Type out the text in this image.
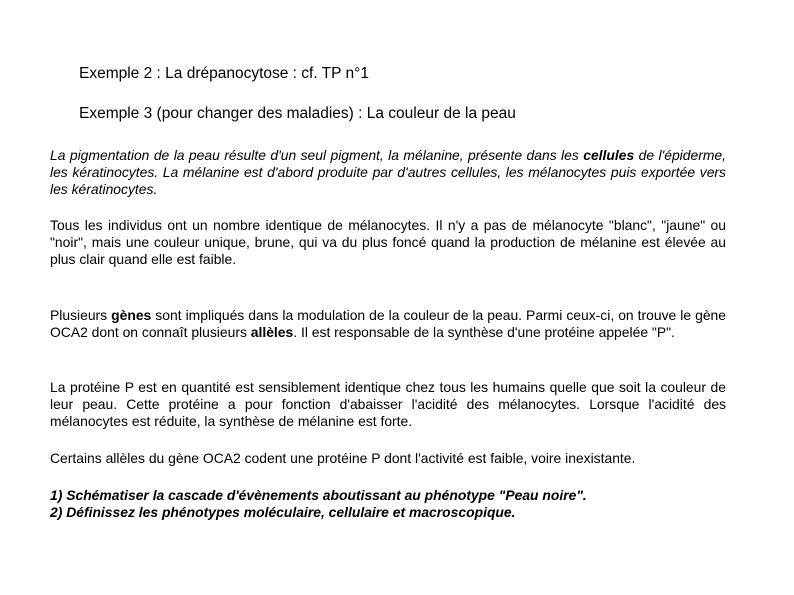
Exemple 2 : La drépanocytose : cf. TP n°1
Exemple 3 (pour changer des maladies) : La couleur de la peau

La pigmentation de la peau résulte d'un seul pigment, la mélanine, présente dans les cellules de l'épiderme, les kératinocytes. La mélanine est d'abord produite par d'autres cellules, les mélanocytes puis exportée vers les kératinocytes.

Tous les individus ont un nombre identique de mélanocytes. Il n'y a pas de mélanocyte "blanc", "jaune" ou "noir", mais une couleur unique, brune, qui va du plus foncé quand la production de mélanine est élevée au plus clair quand elle est faible.

Plusieurs gènes sont impliqués dans la modulation de la couleur de la peau. Parmi ceux-ci, on trouve le gène OCA2 dont on connaît plusieurs allèles. Il est responsable de la synthèse d'une protéine appelée "P".

La protéine P est en quantité est sensiblement identique chez tous les humains quelle que soit la couleur de leur peau. Cette protéine a pour fonction d'abaisser l'acidité des mélanocytes. Lorsque l'acidité des mélanocytes est réduite, la synthèse de mélanine est forte.

Certains allèles du gène OCA2 codent une protéine P dont l'activité est faible, voire inexistante.

1) Schématiser la cascade d'évènements aboutissant au phénotype "Peau noire".
2) Définissez les phénotypes moléculaire, cellulaire et macroscopique.
